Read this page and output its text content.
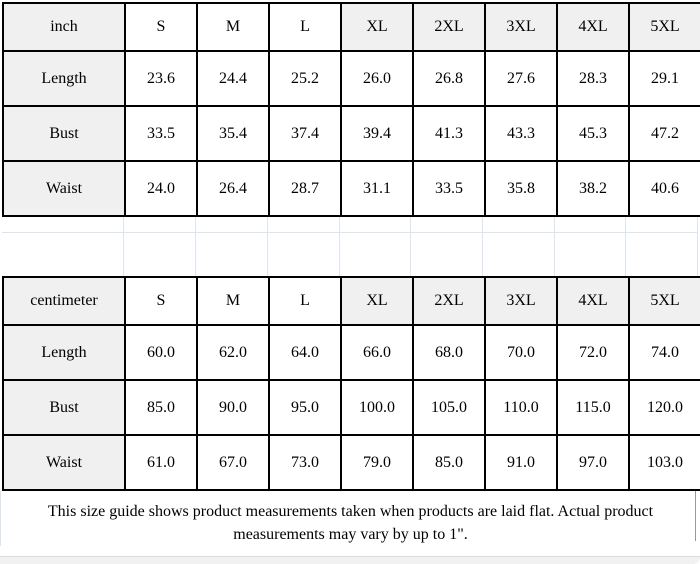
inch	S	M	L	XL	2XL	3XL	4XL	5XL
Length	23.6	24.4	25.2	26.0	26.8	27.6	28.3	29.1
Bust	33.5	35.4	37.4	39.4	41.3	43.3	45.3	47.2
Waist	24.0	26.4	28.7	31.1	33.5	35.8	38.2	40.6
centimeter	S	M	L	XL	2XL	3XL	4XL	5XL
Length	60.0	62.0	64.0	66.0	68.0	70.0	72.0	74.0
Bust	85.0	90.0	95.0	100.0	105.0	110.0	115.0	120.0
Waist	61.0	67.0	73.0	79.0	85.0	91.0	97.0	103.0
This size guide shows product measurements taken when products are laid flat. Actual product measurements may vary by up to 1".
